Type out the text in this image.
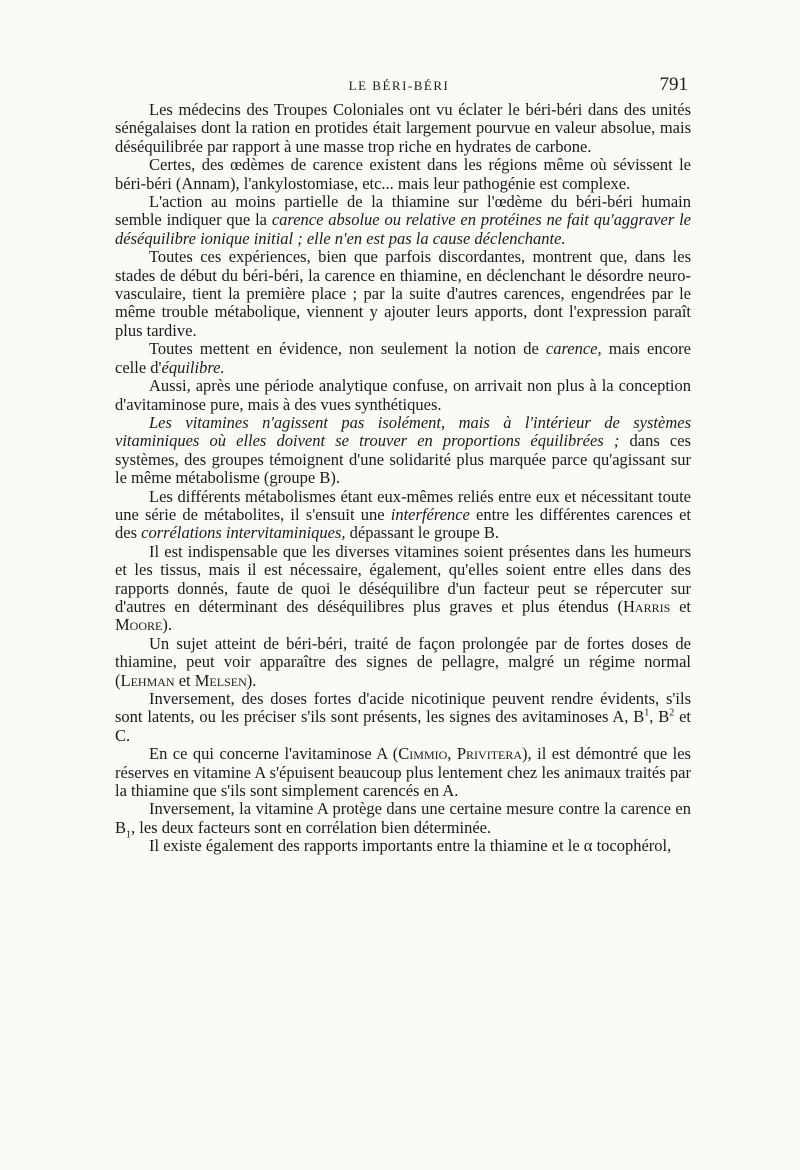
LE BÉRI-BÉRI	791

Les médecins des Troupes Coloniales ont vu éclater le béri-béri dans des unités sénégalaises dont la ration en protides était largement pourvue en valeur absolue, mais déséquilibrée par rapport à une masse trop riche en hydrates de carbone.

Certes, des œdèmes de carence existent dans les régions même où sévissent le béri-béri (Annam), l'ankylostomiase, etc... mais leur pathogénie est complexe.

L'action au moins partielle de la thiamine sur l'œdème du béri-béri humain semble indiquer que la carence absolue ou relative en protéines ne fait qu'aggraver le déséquilibre ionique initial ; elle n'en est pas la cause déclenchante.

Toutes ces expériences, bien que parfois discordantes, montrent que, dans les stades de début du béri-béri, la carence en thiamine, en déclenchant le désordre neuro-vasculaire, tient la première place ; par la suite d'autres carences, engendrées par le même trouble métabolique, viennent y ajouter leurs apports, dont l'expression paraît plus tardive.

Toutes mettent en évidence, non seulement la notion de carence, mais encore celle d'équilibre.

Aussi, après une période analytique confuse, on arrivait non plus à la conception d'avitaminose pure, mais à des vues synthétiques.

Les vitamines n'agissent pas isolément, mais à l'intérieur de systèmes vitaminiques où elles doivent se trouver en proportions équilibrées ; dans ces systèmes, des groupes témoignent d'une solidarité plus marquée parce qu'agissant sur le même métabolisme (groupe B).

Les différents métabolismes étant eux-mêmes reliés entre eux et nécessitant toute une série de métabolites, il s'ensuit une interférence entre les différentes carences et des corrélations intervitaminiques, dépassant le groupe B.

Il est indispensable que les diverses vitamines soient présentes dans les humeurs et les tissus, mais il est nécessaire, également, qu'elles soient entre elles dans des rapports donnés, faute de quoi le déséquilibre d'un facteur peut se répercuter sur d'autres en déterminant des déséquilibres plus graves et plus étendus (Harris et Moore).

Un sujet atteint de béri-béri, traité de façon prolongée par de fortes doses de thiamine, peut voir apparaître des signes de pellagre, malgré un régime normal (Lehman et Melsen).

Inversement, des doses fortes d'acide nicotinique peuvent rendre évidents, s'ils sont latents, ou les préciser s'ils sont présents, les signes des avitaminoses A, $B^1$, $B^2$ et C.

En ce qui concerne l'avitaminose A (Cimmio, Privitera), il est démontré que les réserves en vitamine A s'épuisent beaucoup plus lentement chez les animaux traités par la thiamine que s'ils sont simplement carencés en A.

Inversement, la vitamine A protège dans une certaine mesure contre la carence en $B_1$, les deux facteurs sont en corrélation bien déterminée.

Il existe également des rapports importants entre la thiamine et le α tocophérol,
